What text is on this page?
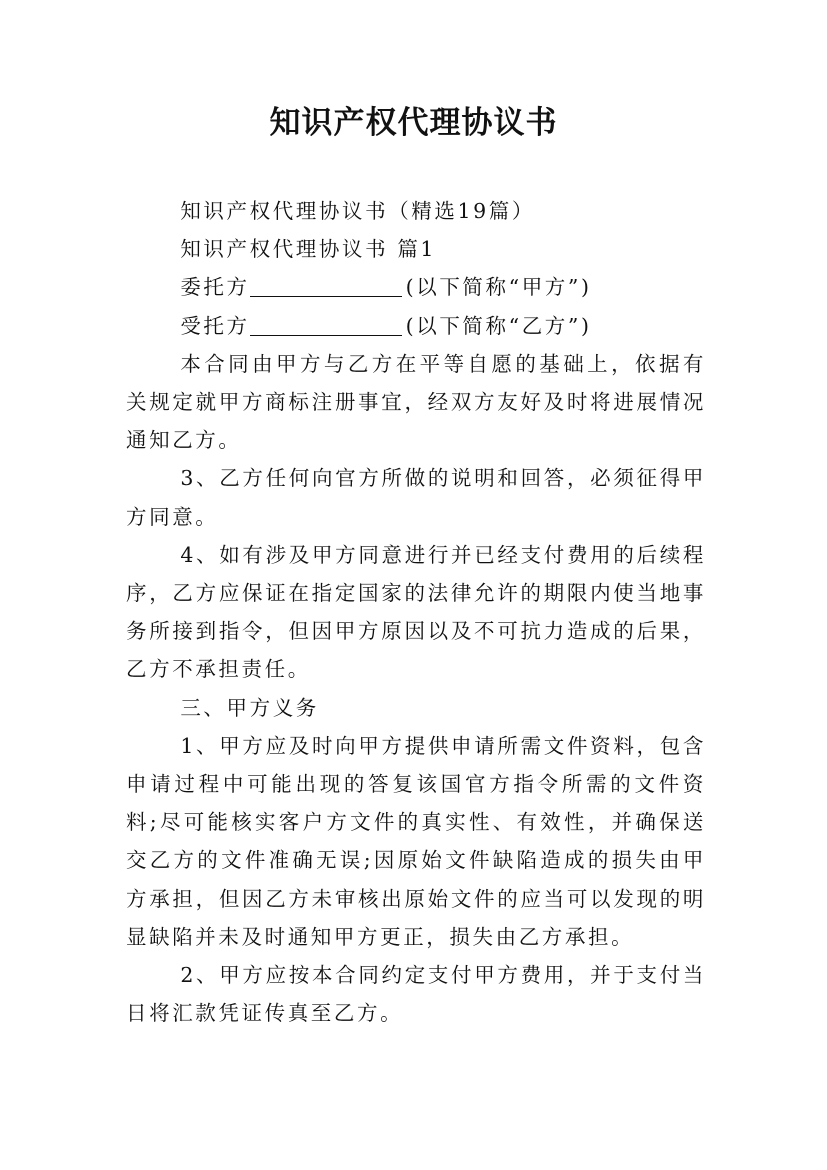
知识产权代理协议书

知识产权代理协议书（精选19篇）

知识产权代理协议书 篇1

委托方	(以下简称“甲方”)

受托方	(以下简称“乙方”)

本合同由甲方与乙方在平等自愿的基础上，依据有关规定就甲方商标注册事宜，经双方友好及时将进展情况通知乙方。

3、乙方任何向官方所做的说明和回答，必须征得甲方同意。

4、如有涉及甲方同意进行并已经支付费用的后续程序，乙方应保证在指定国家的法律允许的期限内使当地事务所接到指令，但因甲方原因以及不可抗力造成的后果，乙方不承担责任。

三、甲方义务

1、甲方应及时向甲方提供申请所需文件资料，包含申请过程中可能出现的答复该国官方指令所需的文件资料;尽可能核实客户方文件的真实性、有效性，并确保送交乙方的文件准确无误;因原始文件缺陷造成的损失由甲方承担，但因乙方未审核出原始文件的应当可以发现的明显缺陷并未及时通知甲方更正，损失由乙方承担。

2、甲方应按本合同约定支付甲方费用，并于支付当日将汇款凭证传真至乙方。
